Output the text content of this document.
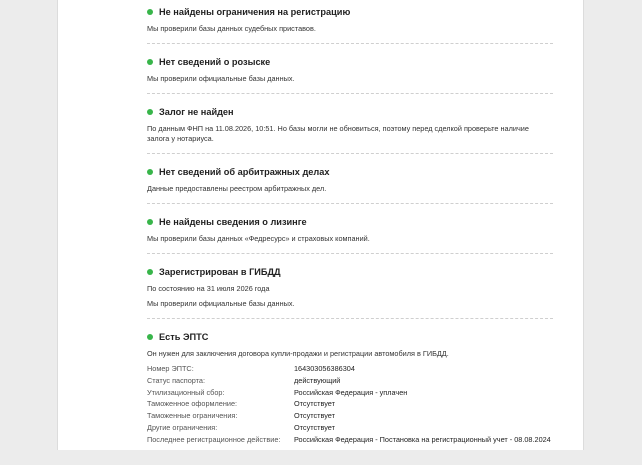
Не найдены ограничения на регистрацию
Мы проверили базы данных судебных приставов.
Нет сведений о розыске
Мы проверили официальные базы данных.
Залог не найден
По данным ФНП на 11.08.2026, 10:51. Но базы могли не обновиться, поэтому перед сделкой проверьте наличие залога у нотариуса.
Нет сведений об арбитражных делах
Данные предоставлены реестром арбитражных дел.
Не найдены сведения о лизинге
Мы проверили базы данных «Федресурс» и страховых компаний.
Зарегистрирован в ГИБДД
По состоянию на 31 июля 2026 года
Мы проверили официальные базы данных.
Есть ЭПТС
Он нужен для заключения договора купли-продажи и регистрации автомобиля в ГИБДД.
Номер ЭПТС:	164303056386304
Статус паспорта:	действующий
Утилизационный сбор:	Российская Федерация - уплачен
Таможенное оформление:	Отсутствует
Таможенные ограничения:	Отсутствует
Другие ограничения:	Отсутствует
Последнее регистрационное действие:	Российская Федерация - Постановка на регистрационный учет - 08.08.2024
